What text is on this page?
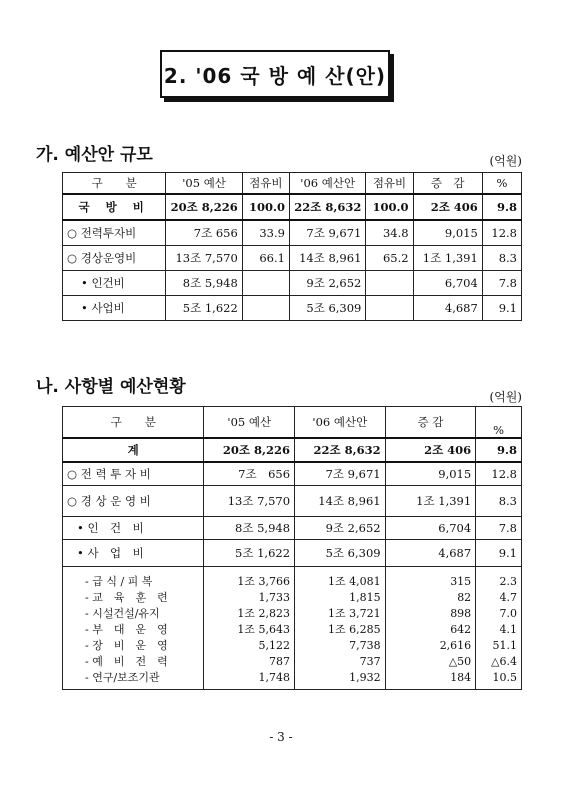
2. '06 국 방 예 산(안)
가. 예산안 규모	(억원)
구　　분	'05 예산	점유비	'06 예산안	점유비	증　감	%
국 방 비	20조 8,226	100.0	22조 8,632	100.0	2조 406	9.8
○ 전력투자비	7조 656	33.9	7조 9,671	34.8	9,015	12.8
○ 경상운영비	13조 7,570	66.1	14조 8,961	65.2	1조 1,391	8.3
• 인건비	8조 5,948		9조 2,652		6,704	7.8
• 사업비	5조 1,622		5조 6,309		4,687	9.1
나. 사항별 예산현황	(억원)
구　　분	'05 예산	'06 예산안	증 감	%
계	20조 8,226	22조 8,632	2조 406	9.8
○ 전 력 투 자 비	7조　656	7조 9,671	9,015	12.8
○ 경 상 운 영 비	13조 7,570	14조 8,961	1조 1,391	8.3
• 인　건　비	8조 5,948	9조 2,652	6,704	7.8
• 사　업　비	5조 1,622	5조 6,309	4,687	9.1
- 급 식 / 피 복	1조 3,766	1조 4,081	315	2.3
- 교　육　훈　련	1,733	1,815	82	4.7
- 시설건설/유지	1조 2,823	1조 3,721	898	7.0
- 부　대　운　영	1조 5,643	1조 6,285	642	4.1
- 장　비　운　영	5,122	7,738	2,616	51.1
- 예　비　전　력	787	737	△50	△6.4
- 연구/보조기관	1,748	1,932	184	10.5
- 3 -
